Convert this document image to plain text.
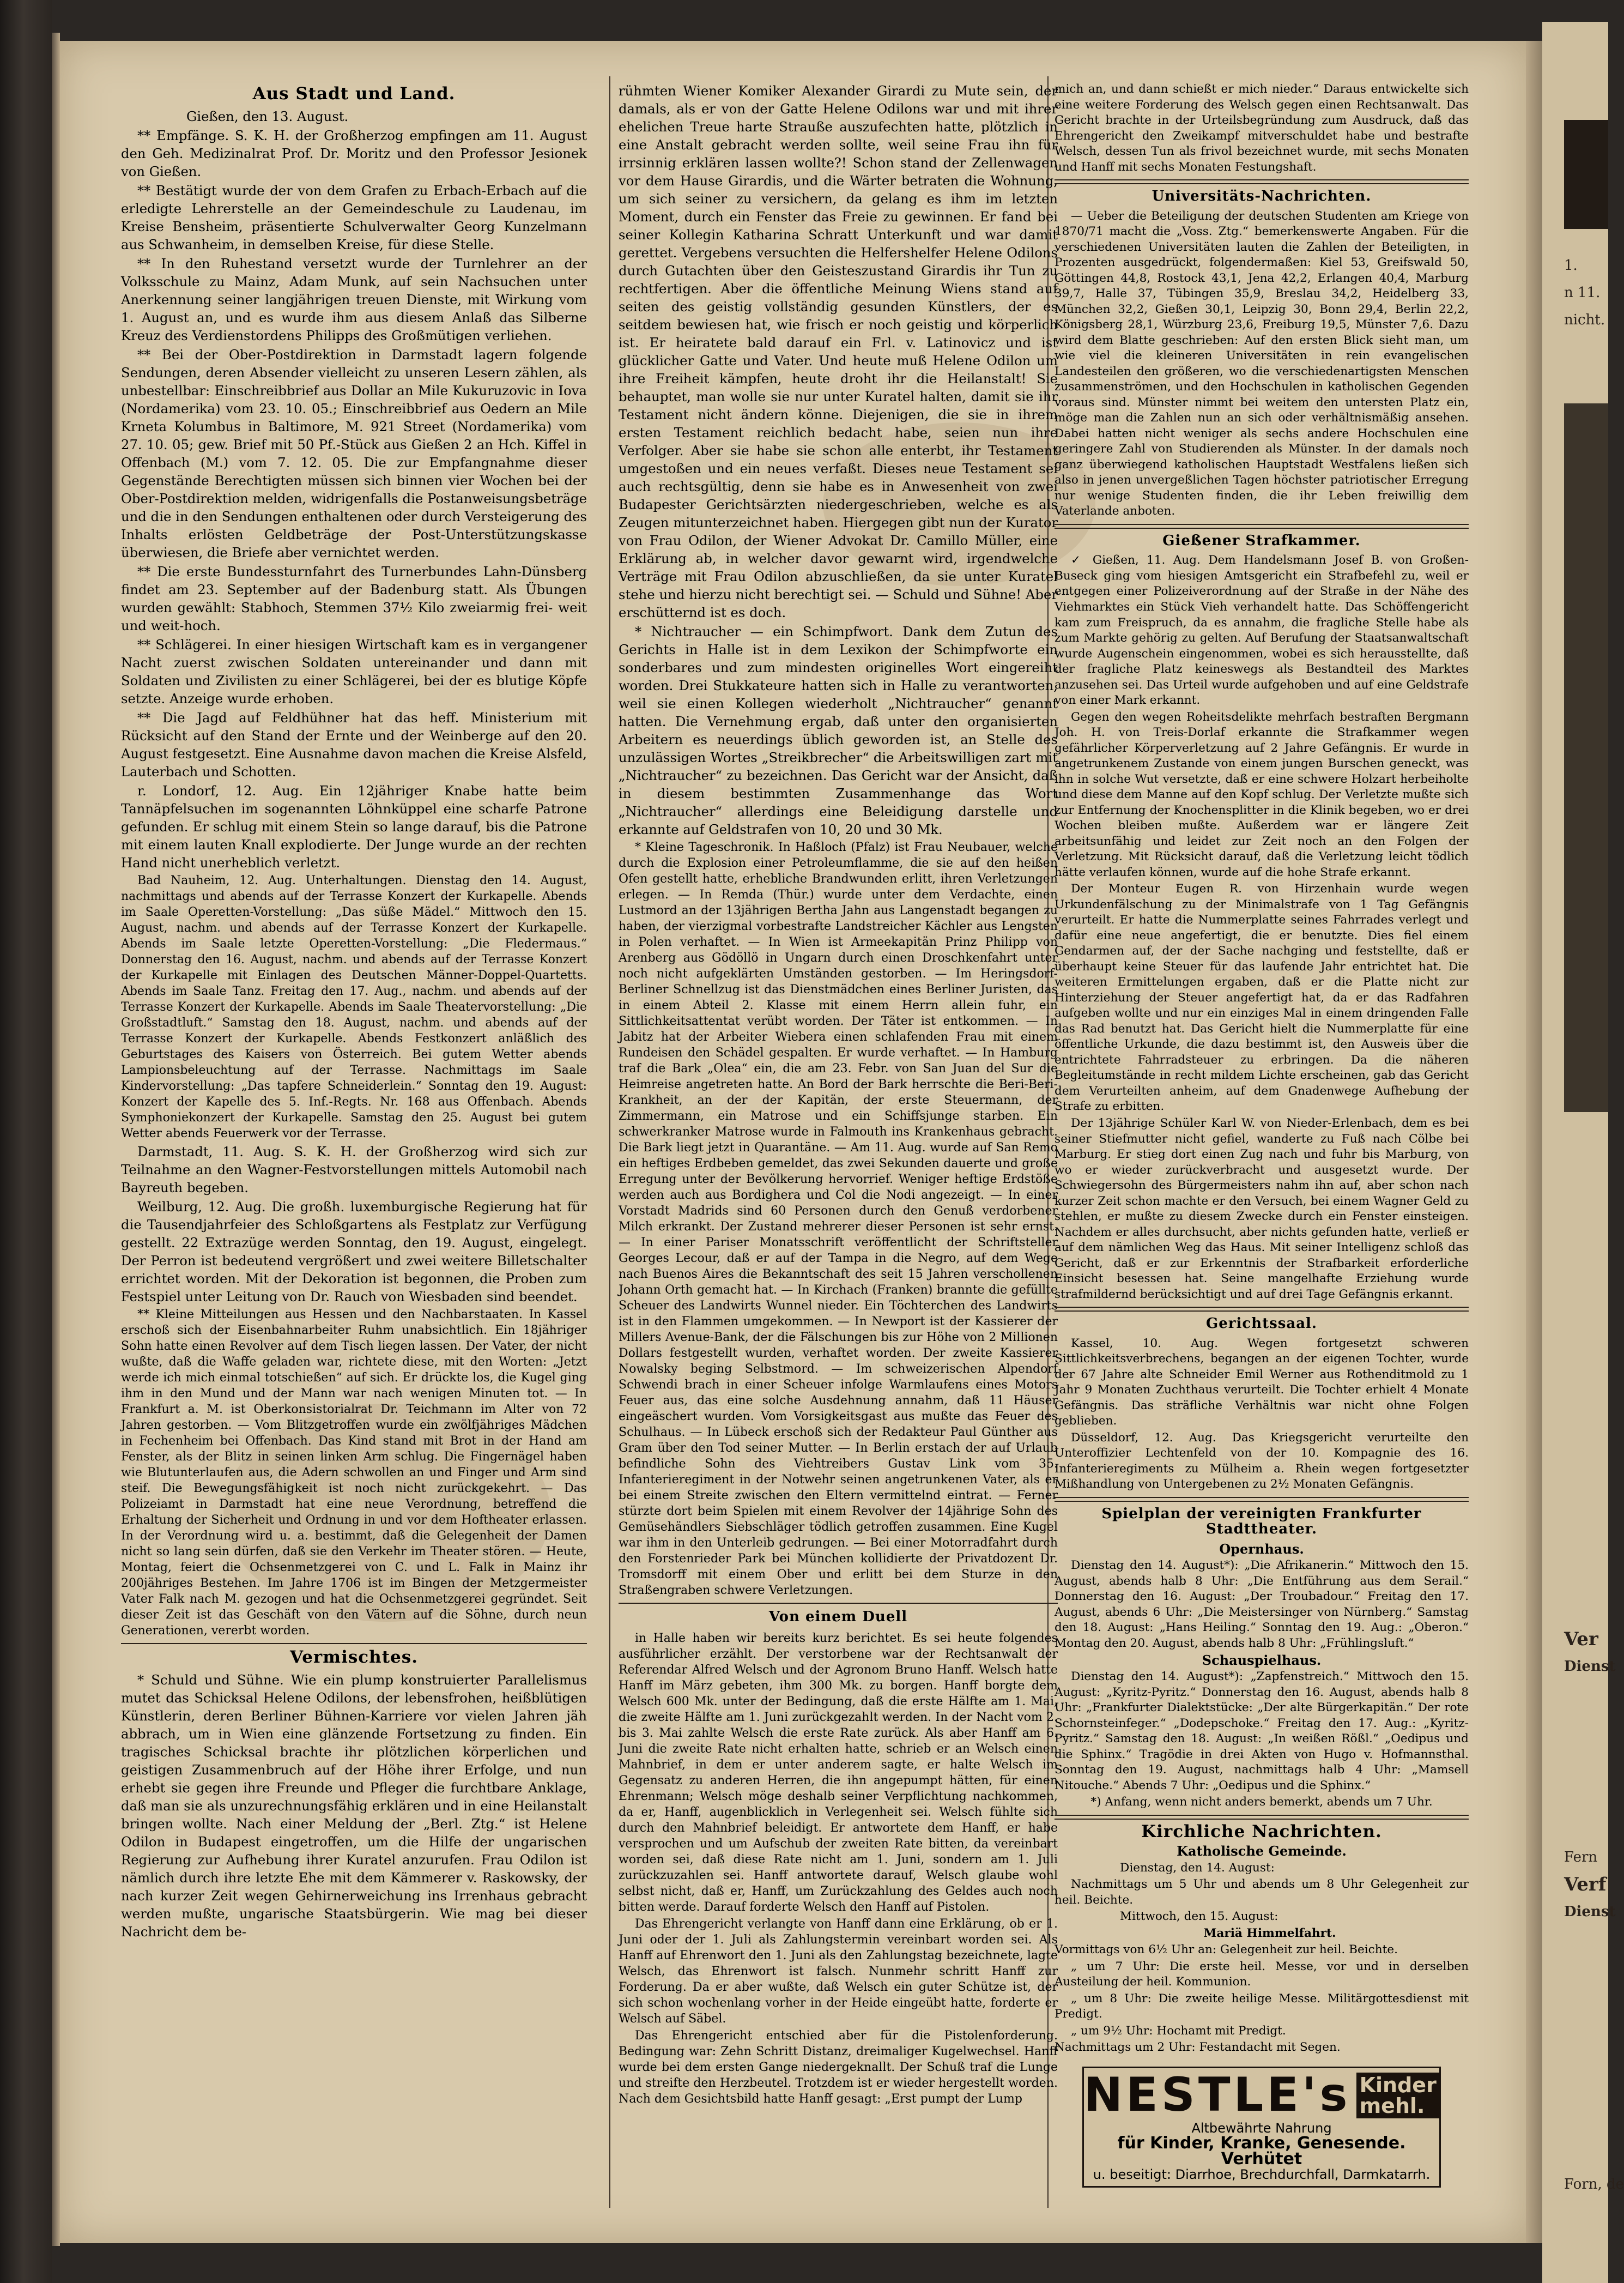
Aus Stadt und Land.

Gießen, den 13. August.

** Empfänge. S. K. H. der Großherzog empfingen am 11. August den Geh. Medizinalrat Prof. Dr. Moritz und den Professor Jesionek von Gießen.

** Bestätigt wurde der von dem Grafen zu Erbach-Erbach auf die erledigte Lehrerstelle an der Gemeindeschule zu Laudenau, im Kreise Bensheim, präsentierte Schulverwalter Georg Kunzelmann aus Schwanheim, in demselben Kreise, für diese Stelle.

** In den Ruhestand versetzt wurde der Turnlehrer an der Volksschule zu Mainz, Adam Munk, auf sein Nachsuchen unter Anerkennung seiner langjährigen treuen Dienste, mit Wirkung vom 1. August an, und es wurde ihm aus diesem Anlaß das Silberne Kreuz des Verdienstordens Philipps des Großmütigen verliehen.

** Bei der Ober-Postdirektion in Darmstadt lagern folgende Sendungen, deren Absender vielleicht zu unseren Lesern zählen, als unbestellbar: Einschreibbrief aus Dollar an Mile Kukuruzovic in Iova (Nordamerika) vom 23. 10. 05.; Einschreibbrief aus Oedern an Mile Krneta Kolumbus in Baltimore, M. 921 Street (Nordamerika) vom 27. 10. 05; gew. Brief mit 50 Pf.-Stück aus Gießen 2 an Hch. Kiffel in Offenbach (M.) vom 7. 12. 05. Die zur Empfangnahme dieser Gegenstände Berechtigten müssen sich binnen vier Wochen bei der Ober-Postdirektion melden, widrigenfalls die Postanweisungsbeträge und die in den Sendungen enthaltenen oder durch Versteigerung des Inhalts erlösten Geldbeträge der Post-Unterstützungskasse überwiesen, die Briefe aber vernichtet werden.

** Die erste Bundessturnfahrt des Turnerbundes Lahn-Dünsberg findet am 23. September auf der Badenburg statt. Als Übungen wurden gewählt: Stabhoch, Stemmen 37½ Kilo zweiarmig frei- weit und weit-hoch.

** Schlägerei. In einer hiesigen Wirtschaft kam es in vergangener Nacht zuerst zwischen Soldaten untereinander und dann mit Soldaten und Zivilisten zu einer Schlägerei, bei der es blutige Köpfe setzte. Anzeige wurde erhoben.

** Die Jagd auf Feldhühner hat das heff. Ministerium mit Rücksicht auf den Stand der Ernte und der Weinberge auf den 20. August festgesetzt. Eine Ausnahme davon machen die Kreise Alsfeld, Lauterbach und Schotten.

r. Londorf, 12. Aug. Ein 12jähriger Knabe hatte beim Tannäpfelsuchen im sogenannten Löhnküppel eine scharfe Patrone gefunden. Er schlug mit einem Stein so lange darauf, bis die Patrone mit einem lauten Knall explodierte. Der Junge wurde an der rechten Hand nicht unerheblich verletzt.

Bad Nauheim, 12. Aug. Unterhaltungen. Dienstag den 14. August, nachmittags und abends auf der Terrasse Konzert der Kurkapelle. Abends im Saale Operetten-Vorstellung: „Das süße Mädel.“ Mittwoch den 15. August, nachm. und abends auf der Terrasse Konzert der Kurkapelle. Abends im Saale letzte Operetten-Vorstellung: „Die Fledermaus.“ Donnerstag den 16. August, nachm. und abends auf der Terrasse Konzert der Kurkapelle mit Einlagen des Deutschen Männer-Doppel-Quartetts. Abends im Saale Tanz. Freitag den 17. Aug., nachm. und abends auf der Terrasse Konzert der Kurkapelle. Abends im Saale Theatervorstellung: „Die Großstadtluft.“ Samstag den 18. August, nachm. und abends auf der Terrasse Konzert der Kurkapelle. Abends Festkonzert anläßlich des Geburtstages des Kaisers von Österreich. Bei gutem Wetter abends Lampionsbeleuchtung auf der Terrasse. Nachmittags im Saale Kindervorstellung: „Das tapfere Schneiderlein.“ Sonntag den 19. August: Konzert der Kapelle des 5. Inf.-Regts. Nr. 168 aus Offenbach. Abends Symphoniekonzert der Kurkapelle. Samstag den 25. August bei gutem Wetter abends Feuerwerk vor der Terrasse.

Darmstadt, 11. Aug. S. K. H. der Großherzog wird sich zur Teilnahme an den Wagner-Festvorstellungen mittels Automobil nach Bayreuth begeben.

Weilburg, 12. Aug. Die großh. luxemburgische Regierung hat für die Tausendjahrfeier des Schloßgartens als Festplatz zur Verfügung gestellt. 22 Extrazüge werden Sonntag, den 19. August, eingelegt. Der Perron ist bedeutend vergrößert und zwei weitere Billetschalter errichtet worden. Mit der Dekoration ist begonnen, die Proben zum Festspiel unter Leitung von Dr. Rauch von Wiesbaden sind beendet.

** Kleine Mitteilungen aus Hessen und den Nachbarstaaten. In Kassel erschoß sich der Eisenbahnarbeiter Ruhm unabsichtlich. Ein 18jähriger Sohn hatte einen Revolver auf dem Tisch liegen lassen. Der Vater, der nicht wußte, daß die Waffe geladen war, richtete diese, mit den Worten: „Jetzt werde ich mich einmal totschießen“ auf sich. Er drückte los, die Kugel ging ihm in den Mund und der Mann war nach wenigen Minuten tot. — In Frankfurt a. M. ist Oberkonsistorialrat Dr. Teichmann im Alter von 72 Jahren gestorben. — Vom Blitzgetroffen wurde ein zwölfjähriges Mädchen in Fechenheim bei Offenbach. Das Kind stand mit Brot in der Hand am Fenster, als der Blitz in seinen linken Arm schlug. Die Fingernägel haben wie Blutunterlaufen aus, die Adern schwollen an und Finger und Arm sind steif. Die Bewegungsfähigkeit ist noch nicht zurückgekehrt. — Das Polizeiamt in Darmstadt hat eine neue Verordnung, betreffend die Erhaltung der Sicherheit und Ordnung in und vor dem Hoftheater erlassen. In der Verordnung wird u. a. bestimmt, daß die Gelegenheit der Damen nicht so lang sein dürfen, daß sie den Verkehr im Theater stören. — Heute, Montag, feiert die Ochsenmetzgerei von C. und L. Falk in Mainz ihr 200jähriges Bestehen. Im Jahre 1706 ist im Bingen der Metzgermeister Vater Falk nach M. gezogen und hat die Ochsenmetzgerei gegründet. Seit dieser Zeit ist das Geschäft von den Vätern auf die Söhne, durch neun Generationen, vererbt worden.

Vermischtes.

* Schuld und Sühne. Wie ein plump konstruierter Parallelismus mutet das Schicksal Helene Odilons, der lebensfrohen, heißblütigen Künstlerin, deren Berliner Bühnen-Karriere vor vielen Jahren jäh abbrach, um in Wien eine glänzende Fortsetzung zu finden. Ein tragisches Schicksal brachte ihr plötzlichen körperlichen und geistigen Zusammenbruch auf der Höhe ihrer Erfolge, und nun erhebt sie gegen ihre Freunde und Pfleger die furchtbare Anklage, daß man sie als unzurechnungsfähig erklären und in eine Heilanstalt bringen wollte. Nach einer Meldung der „Berl. Ztg.“ ist Helene Odilon in Budapest eingetroffen, um die Hilfe der ungarischen Regierung zur Aufhebung ihrer Kuratel anzurufen. Frau Odilon ist nämlich durch ihre letzte Ehe mit dem Kämmerer v. Raskowsky, der nach kurzer Zeit wegen Gehirnerweichung ins Irrenhaus gebracht werden mußte, ungarische Staatsbürgerin. Wie mag bei dieser Nachricht dem be-

rühmten Wiener Komiker Alexander Girardi zu Mute sein, der damals, als er von der Gatte Helene Odilons war und mit ihrer ehelichen Treue harte Strauße auszufechten hatte, plötzlich in eine Anstalt gebracht werden sollte, weil seine Frau ihn für irrsinnig erklären lassen wollte?! Schon stand der Zellenwagen vor dem Hause Girardis, und die Wärter betraten die Wohnung, um sich seiner zu versichern, da gelang es ihm im letzten Moment, durch ein Fenster das Freie zu gewinnen. Er fand bei seiner Kollegin Katharina Schratt Unterkunft und war damit gerettet. Vergebens versuchten die Helfershelfer Helene Odilons durch Gutachten über den Geisteszustand Girardis ihr Tun zu rechtfertigen. Aber die öffentliche Meinung Wiens stand auf seiten des geistig vollständig gesunden Künstlers, der es seitdem bewiesen hat, wie frisch er noch geistig und körperlich ist. Er heiratete bald darauf ein Frl. v. Latinovicz und ist glücklicher Gatte und Vater. Und heute muß Helene Odilon um ihre Freiheit kämpfen, heute droht ihr die Heilanstalt! Sie behauptet, man wolle sie nur unter Kuratel halten, damit sie ihr Testament nicht ändern könne. Diejenigen, die sie in ihrem ersten Testament reichlich bedacht habe, seien nun ihre Verfolger. Aber sie habe sie schon alle enterbt, ihr Testament umgestoßen und ein neues verfaßt. Dieses neue Testament sei auch rechtsgültig, denn sie habe es in Anwesenheit von zwei Budapester Gerichtsärzten niedergeschrieben, welche es als Zeugen mitunterzeichnet haben. Hiergegen gibt nun der Kurator von Frau Odilon, der Wiener Advokat Dr. Camillo Müller, eine Erklärung ab, in welcher davor gewarnt wird, irgendwelche Verträge mit Frau Odilon abzuschließen, da sie unter Kuratel stehe und hierzu nicht berechtigt sei. — Schuld und Sühne! Aber erschütternd ist es doch.

* Nichtraucher — ein Schimpfwort. Dank dem Zutun des Gerichts in Halle ist in dem Lexikon der Schimpfworte ein sonderbares und zum mindesten originelles Wort eingereiht worden. Drei Stukkateure hatten sich in Halle zu verantworten, weil sie einen Kollegen wiederholt „Nichtraucher“ genannt hatten. Die Vernehmung ergab, daß unter den organisierten Arbeitern es neuerdings üblich geworden ist, an Stelle des unzulässigen Wortes „Streikbrecher“ die Arbeitswilligen zart mit „Nichtraucher“ zu bezeichnen. Das Gericht war der Ansicht, daß in diesem bestimmten Zusammenhange das Wort „Nichtraucher“ allerdings eine Beleidigung darstelle und erkannte auf Geldstrafen von 10, 20 und 30 Mk.

* Kleine Tageschronik. In Haßloch (Pfalz) ist Frau Neubauer, welche durch die Explosion einer Petroleumflamme, die sie auf den heißen Ofen gestellt hatte, erhebliche Brandwunden erlitt, ihren Verletzungen erlegen. — In Remda (Thür.) wurde unter dem Verdachte, einen Lustmord an der 13jährigen Bertha Jahn aus Langenstadt begangen zu haben, der vierzigmal vorbestrafte Landstreicher Kächler aus Lengsten in Polen verhaftet. — In Wien ist Armeekapitän Prinz Philipp von Arenberg aus Gödöllö in Ungarn durch einen Droschkenfahrt unter noch nicht aufgeklärten Umständen gestorben. — Im Heringsdorf-Berliner Schnellzug ist das Dienstmädchen eines Berliner Juristen, das in einem Abteil 2. Klasse mit einem Herrn allein fuhr, ein Sittlichkeitsattentat verübt worden. Der Täter ist entkommen. — In Jabitz hat der Arbeiter Wiebera einen schlafenden Frau mit einem Rundeisen den Schädel gespalten. Er wurde verhaftet. — In Hamburg traf die Bark „Olea“ ein, die am 23. Febr. von San Juan del Sur die Heimreise angetreten hatte. An Bord der Bark herrschte die Beri-Beri-Krankheit, an der der Kapitän, der erste Steuermann, der Zimmermann, ein Matrose und ein Schiffsjunge starben. Ein schwerkranker Matrose wurde in Falmouth ins Krankenhaus gebracht. Die Bark liegt jetzt in Quarantäne. — Am 11. Aug. wurde auf San Remo ein heftiges Erdbeben gemeldet, das zwei Sekunden dauerte und große Erregung unter der Bevölkerung hervorrief. Weniger heftige Erdstöße werden auch aus Bordighera und Col die Nodi angezeigt. — In einer Vorstadt Madrids sind 60 Personen durch den Genuß verdorbener Milch erkrankt. Der Zustand mehrerer dieser Personen ist sehr ernst. — In einer Pariser Monatsschrift veröffentlicht der Schriftsteller Georges Lecour, daß er auf der Tampa in die Negro, auf dem Wege nach Buenos Aires die Bekanntschaft des seit 15 Jahren verschollenen Johann Orth gemacht hat. — In Kirchach (Franken) brannte die gefüllte Scheuer des Landwirts Wunnel nieder. Ein Töchterchen des Landwirts ist in den Flammen umgekommen. — In Newport ist der Kassierer der Millers Avenue-Bank, der die Fälschungen bis zur Höhe von 2 Millionen Dollars festgestellt wurden, verhaftet worden. Der zweite Kassierer Nowalsky beging Selbstmord. — Im schweizerischen Alpendorf Schwendi brach in einer Scheuer infolge Warmlaufens eines Motors Feuer aus, das eine solche Ausdehnung annahm, daß 11 Häuser eingeäschert wurden. Vom Vorsigkeitsgast aus mußte das Feuer des Schulhaus. — In Lübeck erschoß sich der Redakteur Paul Günther aus Gram über den Tod seiner Mutter. — In Berlin erstach der auf Urlaub befindliche Sohn des Viehtreibers Gustav Link vom 35. Infanterieregiment in der Notwehr seinen angetrunkenen Vater, als er bei einem Streite zwischen den Eltern vermittelnd eintrat. — Ferner stürzte dort beim Spielen mit einem Revolver der 14jährige Sohn des Gemüsehändlers Siebschläger tödlich getroffen zusammen. Eine Kugel war ihm in den Unterleib gedrungen. — Bei einer Motorradfahrt durch den Forstenrieder Park bei München kollidierte der Privatdozent Dr. Tromsdorff mit einem Ober und erlitt bei dem Sturze in den Straßengraben schwere Verletzungen.

Von einem Duell

in Halle haben wir bereits kurz berichtet. Es sei heute folgendes ausführlicher erzählt. Der verstorbene war der Rechtsanwalt der Referendar Alfred Welsch und der Agronom Bruno Hanff. Welsch hatte Hanff im März gebeten, ihm 300 Mk. zu borgen. Hanff borgte dem Welsch 600 Mk. unter der Bedingung, daß die erste Hälfte am 1. Mai, die zweite Hälfte am 1. Juni zurückgezahlt werden. In der Nacht vom 2. bis 3. Mai zahlte Welsch die erste Rate zurück. Als aber Hanff am 6. Juni die zweite Rate nicht erhalten hatte, schrieb er an Welsch einen Mahnbrief, in dem er unter anderem sagte, er halte Welsch im Gegensatz zu anderen Herren, die ihn angepumpt hätten, für einen Ehrenmann; Welsch möge deshalb seiner Verpflichtung nachkommen, da er, Hanff, augenblicklich in Verlegenheit sei. Welsch fühlte sich durch den Mahnbrief beleidigt. Er antwortete dem Hanff, er habe versprochen und um Aufschub der zweiten Rate bitten, da vereinbart worden sei, daß diese Rate nicht am 1. Juni, sondern am 1. Juli zurückzuzahlen sei. Hanff antwortete darauf, Welsch glaube wohl selbst nicht, daß er, Hanff, um Zurückzahlung des Geldes auch noch bitten werde. Darauf forderte Welsch den Hanff auf Pistolen.

Das Ehrengericht verlangte von Hanff dann eine Erklärung, ob er 1. Juni oder der 1. Juli als Zahlungstermin vereinbart worden sei. Als Hanff auf Ehrenwort den 1. Juni als den Zahlungstag bezeichnete, lagte Welsch, das Ehrenwort ist falsch. Nunmehr schritt Hanff zur Forderung. Da er aber wußte, daß Welsch ein guter Schütze ist, der sich schon wochenlang vorher in der Heide eingeübt hatte, forderte er Welsch auf Säbel.

Das Ehrengericht entschied aber für die Pistolenforderung. Bedingung war: Zehn Schritt Distanz, dreimaliger Kugelwechsel. Hanff wurde bei dem ersten Gange niedergeknallt. Der Schuß traf die Lunge und streifte den Herzbeutel. Trotzdem ist er wieder hergestellt worden. Nach dem Gesichtsbild hatte Hanff gesagt: „Erst pumpt der Lump

mich an, und dann schießt er mich nieder.“ Daraus entwickelte sich eine weitere Forderung des Welsch gegen einen Rechtsanwalt. Das Gericht brachte in der Urteilsbegründung zum Ausdruck, daß das Ehrengericht den Zweikampf mitverschuldet habe und bestrafte Welsch, dessen Tun als frivol bezeichnet wurde, mit sechs Monaten und Hanff mit sechs Monaten Festungshaft.

Universitäts-Nachrichten.

— Ueber die Beteiligung der deutschen Studenten am Kriege von 1870/71 macht die „Voss. Ztg.“ bemerkenswerte Angaben. Für die verschiedenen Universitäten lauten die Zahlen der Beteiligten, in Prozenten ausgedrückt, folgendermaßen: Kiel 53, Greifswald 50, Göttingen 44,8, Rostock 43,1, Jena 42,2, Erlangen 40,4, Marburg 39,7, Halle 37, Tübingen 35,9, Breslau 34,2, Heidelberg 33, München 32,2, Gießen 30,1, Leipzig 30, Bonn 29,4, Berlin 22,2, Königsberg 28,1, Würzburg 23,6, Freiburg 19,5, Münster 7,6. Dazu wird dem Blatte geschrieben: Auf den ersten Blick sieht man, um wie viel die kleineren Universitäten in rein evangelischen Landesteilen den größeren, wo die verschiedenartigsten Menschen zusammenströmen, und den Hochschulen in katholischen Gegenden voraus sind. Münster nimmt bei weitem den untersten Platz ein, möge man die Zahlen nun an sich oder verhältnismäßig ansehen. Dabei hatten nicht weniger als sechs andere Hochschulen eine geringere Zahl von Studierenden als Münster. In der damals noch ganz überwiegend katholischen Hauptstadt Westfalens ließen sich also in jenen unvergeßlichen Tagen höchster patriotischer Erregung nur wenige Studenten finden, die ihr Leben freiwillig dem Vaterlande anboten.

Gießener Strafkammer.

✓ Gießen, 11. Aug. Dem Handelsmann Josef B. von Großen-Buseck ging vom hiesigen Amtsgericht ein Strafbefehl zu, weil er entgegen einer Polizeiverordnung auf der Straße in der Nähe des Viehmarktes ein Stück Vieh verhandelt hatte. Das Schöffengericht kam zum Freispruch, da es annahm, die fragliche Stelle habe als zum Markte gehörig zu gelten. Auf Berufung der Staatsanwaltschaft wurde Augenschein eingenommen, wobei es sich herausstellte, daß der fragliche Platz keineswegs als Bestandteil des Marktes anzusehen sei. Das Urteil wurde aufgehoben und auf eine Geldstrafe von einer Mark erkannt.

Gegen den wegen Roheitsdelikte mehrfach bestraften Bergmann Joh. H. von Treis-Dorlaf erkannte die Strafkammer wegen gefährlicher Körperverletzung auf 2 Jahre Gefängnis. Er wurde in angetrunkenem Zustande von einem jungen Burschen geneckt, was ihn in solche Wut versetzte, daß er eine schwere Holzart herbeiholte und diese dem Manne auf den Kopf schlug. Der Verletzte mußte sich zur Entfernung der Knochensplitter in die Klinik begeben, wo er drei Wochen bleiben mußte. Außerdem war er längere Zeit arbeitsunfähig und leidet zur Zeit noch an den Folgen der Verletzung. Mit Rücksicht darauf, daß die Verletzung leicht tödlich hätte verlaufen können, wurde auf die hohe Strafe erkannt.

Der Monteur Eugen R. von Hirzenhain wurde wegen Urkundenfälschung zu der Minimalstrafe von 1 Tag Gefängnis verurteilt. Er hatte die Nummerplatte seines Fahrrades verlegt und dafür eine neue angefertigt, die er benutzte. Dies fiel einem Gendarmen auf, der der Sache nachging und feststellte, daß er überhaupt keine Steuer für das laufende Jahr entrichtet hat. Die weiteren Ermittelungen ergaben, daß er die Platte nicht zur Hinterziehung der Steuer angefertigt hat, da er das Radfahren aufgeben wollte und nur ein einziges Mal in einem dringenden Falle das Rad benutzt hat. Das Gericht hielt die Nummerplatte für eine öffentliche Urkunde, die dazu bestimmt ist, den Ausweis über die entrichtete Fahrradsteuer zu erbringen. Da die näheren Begleitumstände in recht mildem Lichte erscheinen, gab das Gericht dem Verurteilten anheim, auf dem Gnadenwege Aufhebung der Strafe zu erbitten.

Der 13jährige Schüler Karl W. von Nieder-Erlenbach, dem es bei seiner Stiefmutter nicht gefiel, wanderte zu Fuß nach Cölbe bei Marburg. Er stieg dort einen Zug nach und fuhr bis Marburg, von wo er wieder zurückverbracht und ausgesetzt wurde. Der Schwiegersohn des Bürgermeisters nahm ihn auf, aber schon nach kurzer Zeit schon machte er den Versuch, bei einem Wagner Geld zu stehlen, er mußte zu diesem Zwecke durch ein Fenster einsteigen. Nachdem er alles durchsucht, aber nichts gefunden hatte, verließ er auf dem nämlichen Weg das Haus. Mit seiner Intelligenz schloß das Gericht, daß er zur Erkenntnis der Strafbarkeit erforderliche Einsicht besessen hat. Seine mangelhafte Erziehung wurde strafmildernd berücksichtigt und auf drei Tage Gefängnis erkannt.

Gerichtssaal.

Kassel, 10. Aug. Wegen fortgesetzt schweren Sittlichkeitsverbrechens, begangen an der eigenen Tochter, wurde der 67 Jahre alte Schneider Emil Werner aus Rothenditmold zu 1 Jahr 9 Monaten Zuchthaus verurteilt. Die Tochter erhielt 4 Monate Gefängnis. Das sträfliche Verhältnis war nicht ohne Folgen geblieben.

Düsseldorf, 12. Aug. Das Kriegsgericht verurteilte den Unteroffizier Lechtenfeld von der 10. Kompagnie des 16. Infanterieregiments zu Mülheim a. Rhein wegen fortgesetzter Mißhandlung von Untergebenen zu 2½ Monaten Gefängnis.

Spielplan der vereinigten Frankfurter Stadttheater.
Opernhaus.

Dienstag den 14. August*): „Die Afrikanerin.“ Mittwoch den 15. August, abends halb 8 Uhr: „Die Entführung aus dem Serail.“ Donnerstag den 16. August: „Der Troubadour.“ Freitag den 17. August, abends 6 Uhr: „Die Meistersinger von Nürnberg.“ Samstag den 18. August: „Hans Heiling.“ Sonntag den 19. Aug.: „Oberon.“ Montag den 20. August, abends halb 8 Uhr: „Frühlingsluft.“

Schauspielhaus.

Dienstag den 14. August*): „Zapfenstreich.“ Mittwoch den 15. August: „Kyritz-Pyritz.“ Donnerstag den 16. August, abends halb 8 Uhr: „Frankfurter Dialektstücke: „Der alte Bürgerkapitän.“ Der rote Schornsteinfeger.“ „Dodepschoke.“ Freitag den 17. Aug.: „Kyritz-Pyritz.“ Samstag den 18. August: „In weißen Rößl.“ „Oedipus und die Sphinx.“ Tragödie in drei Akten von Hugo v. Hofmannsthal. Sonntag den 19. August, nachmittags halb 4 Uhr: „Mamsell Nitouche.“ Abends 7 Uhr: „Oedipus und die Sphinx.“

*) Anfang, wenn nicht anders bemerkt, abends um 7 Uhr.

Kirchliche Nachrichten.
Katholische Gemeinde.

Dienstag, den 14. August:

Nachmittags um 5 Uhr und abends um 8 Uhr Gelegenheit zur heil. Beichte.

Mittwoch, den 15. August:

Mariä Himmelfahrt.

Vormittags von 6½ Uhr an: Gelegenheit zur heil. Beichte.

„ um 7 Uhr: Die erste heil. Messe, vor und in derselben Austeilung der heil. Kommunion.

„ um 8 Uhr: Die zweite heilige Messe. Militärgottesdienst mit Predigt.

„ um 9½ Uhr: Hochamt mit Predigt.

Nachmittags um 2 Uhr: Festandacht mit Segen.

NESTLE's Kinder
mehl.
Altbewährte Nahrung
für Kinder, Kranke, Genesende. Verhütet
u. beseitigt: Diarrhoe, Brechdurchfall, Darmkatarrh.
1.
n 11.
nicht.
Ver
Dienst
Fern
Verf
Dienst
Forn, de
